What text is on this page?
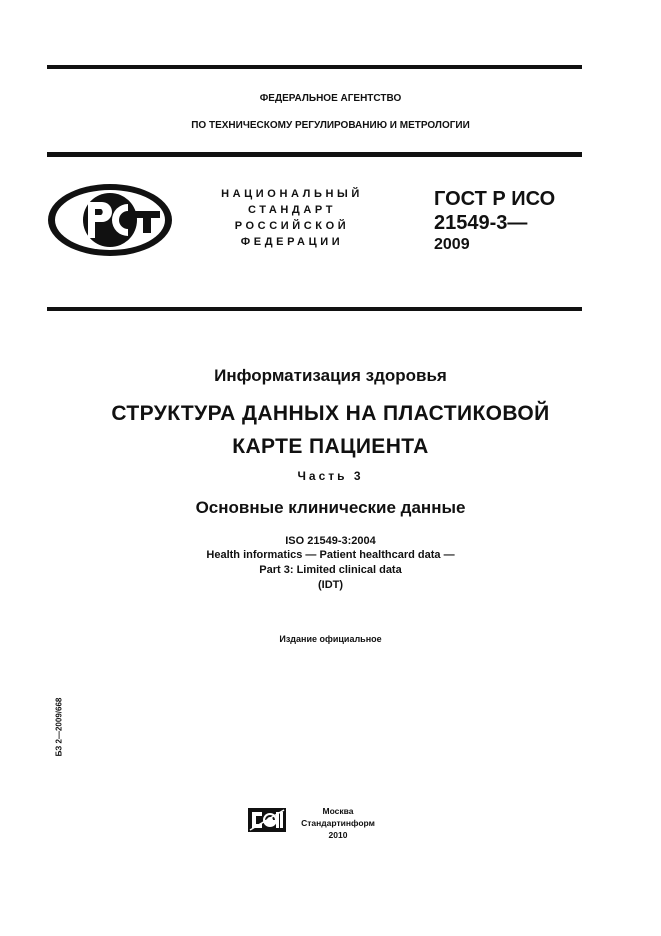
ФЕДЕРАЛЬНОЕ АГЕНТСТВО
ПО ТЕХНИЧЕСКОМУ РЕГУЛИРОВАНИЮ И МЕТРОЛОГИИ
НАЦИОНАЛЬНЫЙ
СТАНДАРТ
РОССИЙСКОЙ
ФЕДЕРАЦИИ
ГОСТ Р ИСО
21549-3—
2009
Информатизация здоровья
СТРУКТУРА ДАННЫХ НА ПЛАСТИКОВОЙ
КАРТЕ ПАЦИЕНТА
Часть 3
Основные клинические данные
ISO 21549-3:2004
Health informatics — Patient healthcard data —
Part 3: Limited clinical data
(IDT)
Издание официальное
БЗ 2—2009/668
Москва
Стандартинформ
2010
